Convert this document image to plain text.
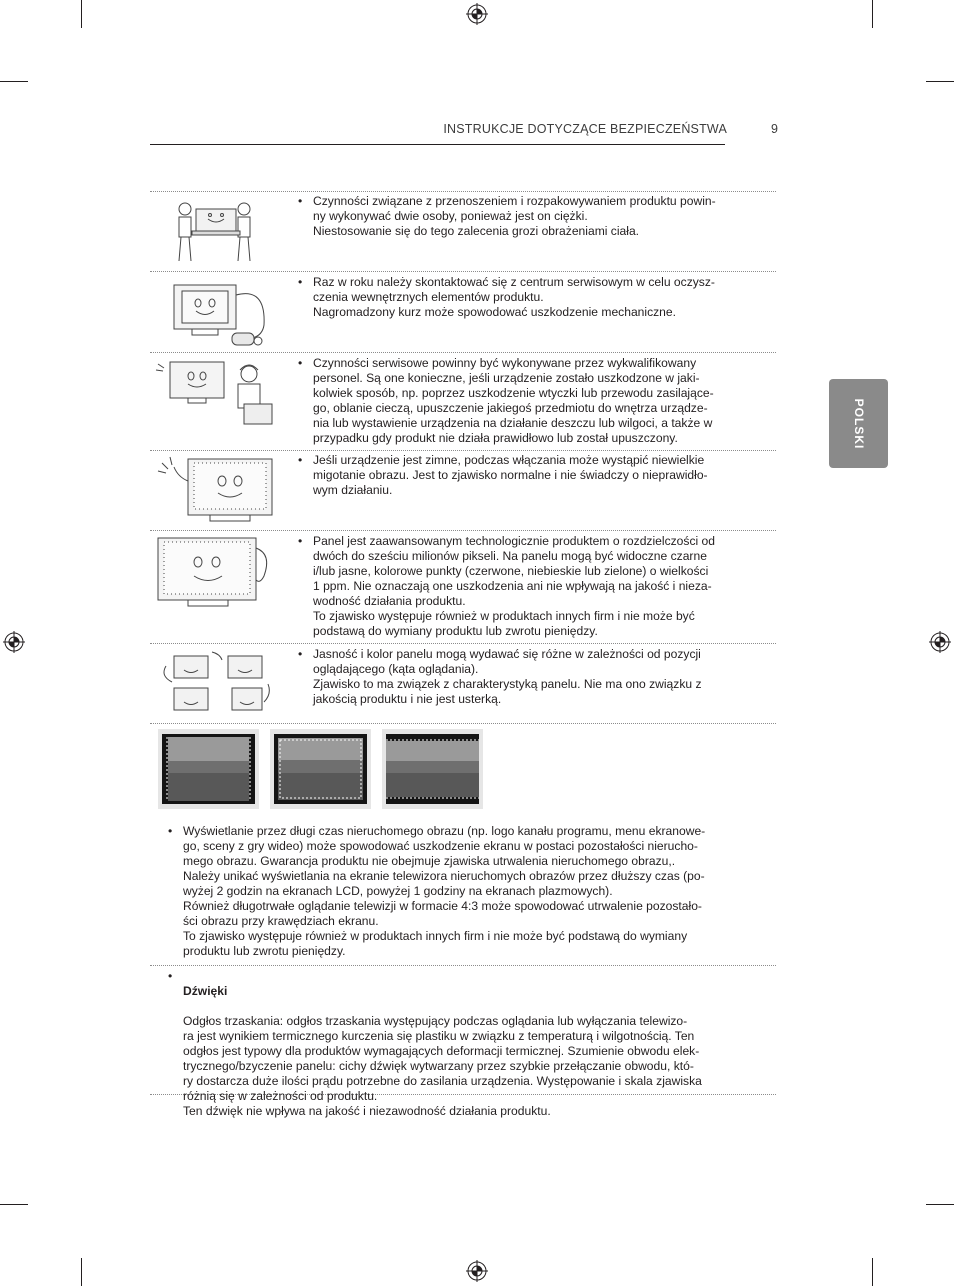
INSTRUKCJE DOTYCZĄCE BEZPIECZEŃSTWA	9
POLSKI
• Czynności związane z przenoszeniem i rozpakowywaniem produktu powin-
ny wykonywać dwie osoby, ponieważ jest on ciężki.
Niestosowanie się do tego zalecenia grozi obrażeniami ciała.
• Raz w roku należy skontaktować się z centrum serwisowym w celu oczysz-
czenia wewnętrznych elementów produktu.
Nagromadzony kurz może spowodować uszkodzenie mechaniczne.
• Czynności serwisowe powinny być wykonywane przez wykwalifikowany
personel. Są one konieczne, jeśli urządzenie zostało uszkodzone w jaki-
kolwiek sposób, np. poprzez uszkodzenie wtyczki lub przewodu zasilające-
go, oblanie cieczą, upuszczenie jakiegoś przedmiotu do wnętrza urządze-
nia lub wystawienie urządzenia na działanie deszczu lub wilgoci, a także w
przypadku gdy produkt nie działa prawidłowo lub został upuszczony.
• Jeśli urządzenie jest zimne, podczas włączania może wystąpić niewielkie
migotanie obrazu. Jest to zjawisko normalne i nie świadczy o nieprawidło-
wym działaniu.
• Panel jest zaawansowanym technologicznie produktem o rozdzielczości od
dwóch do sześciu milionów pikseli. Na panelu mogą być widoczne czarne
i/lub jasne, kolorowe punkty (czerwone, niebieskie lub zielone) o wielkości
1 ppm. Nie oznaczają one uszkodzenia ani nie wpływają na jakość i nieza-
wodność działania produktu.
To zjawisko występuje również w produktach innych firm i nie może być
podstawą do wymiany produktu lub zwrotu pieniędzy.
• Jasność i kolor panelu mogą wydawać się różne w zależności od pozycji
oglądającego (kąta oglądania).
Zjawisko to ma związek z charakterystyką panelu. Nie ma ono związku z
jakością produktu i nie jest usterką.
• Wyświetlanie przez długi czas nieruchomego obrazu (np. logo kanału programu, menu ekranowe-
go, sceny z gry wideo) może spowodować uszkodzenie ekranu w postaci pozostałości nierucho-
mego obrazu. Gwarancja produktu nie obejmuje zjawiska utrwalenia nieruchomego obrazu,.
Należy unikać wyświetlania na ekranie telewizora nieruchomych obrazów przez dłuższy czas (po-
wyżej 2 godzin na ekranach LCD, powyżej 1 godziny na ekranach plazmowych).
Również długotrwałe oglądanie telewizji w formacie 4:3 może spowodować utrwalenie pozostało-
ści obrazu przy krawędziach ekranu.
To zjawisko występuje również w produktach innych firm i nie może być podstawą do wymiany
produktu lub zwrotu pieniędzy.
•

Dźwięki

Odgłos trzaskania: odgłos trzaskania występujący podczas oglądania lub wyłączania telewizo-
ra jest wynikiem termicznego kurczenia się plastiku w związku z temperaturą i wilgotnością. Ten
odgłos jest typowy dla produktów wymagających deformacji termicznej. Szumienie obwodu elek-
trycznego/bzyczenie panelu: cichy dźwięk wytwarzany przez szybkie przełączanie obwodu, któ-
ry dostarcza duże ilości prądu potrzebne do zasilania urządzenia. Występowanie i skala zjawiska
różnią się w zależności od produktu.
Ten dźwięk nie wpływa na jakość i niezawodność działania produktu.
